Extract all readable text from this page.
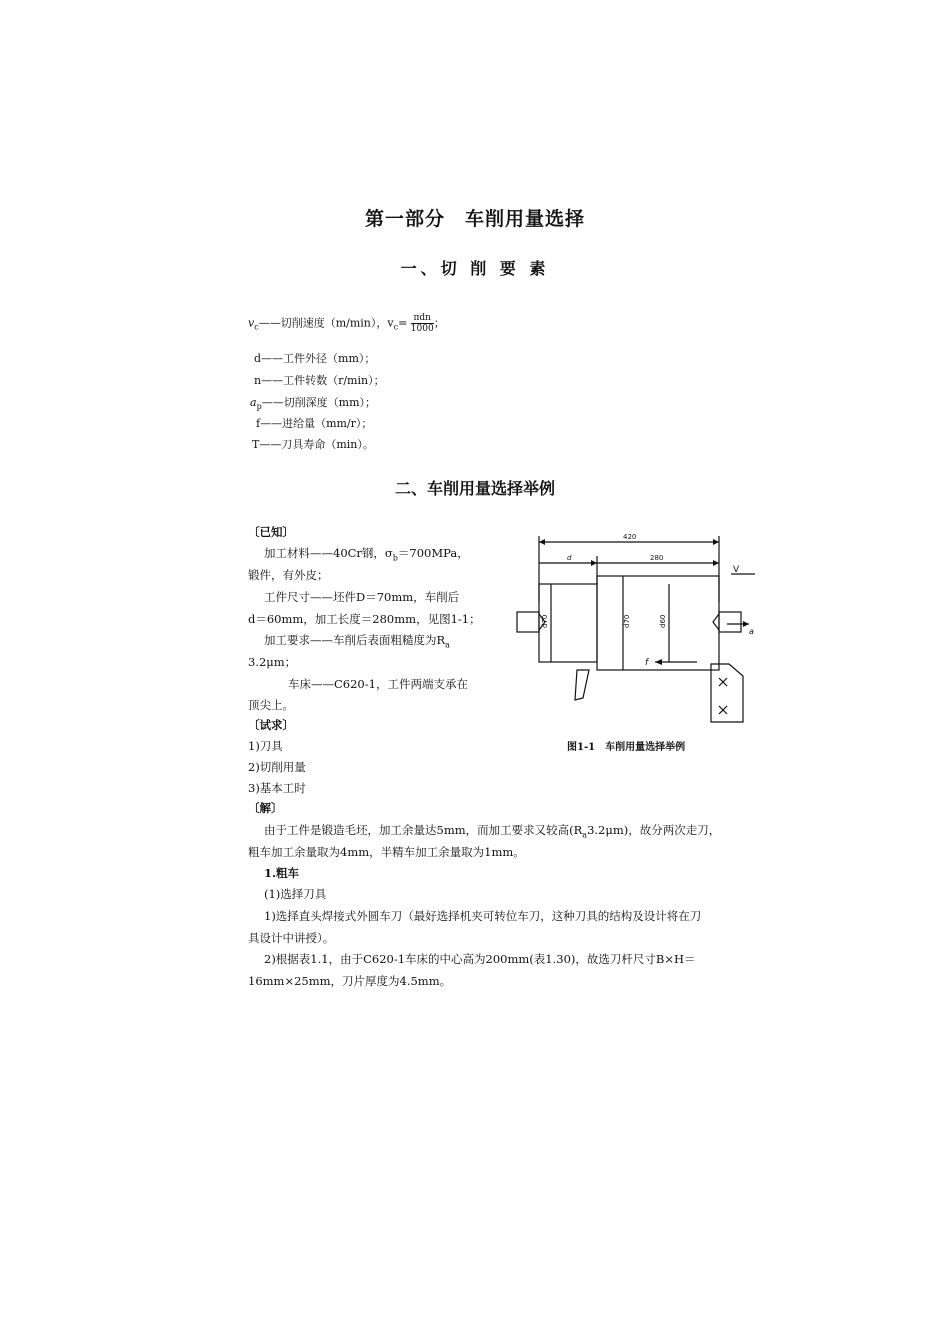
第一部分　车削用量选择
一、切 削 要 素
$v_c——$切削速度（m/min），$v_c= \frac{\text{πdn}}{1000}$ ；
d——工件外径（mm）；
n——工件转数（r/min）；
$a_p——$切削深度（mm）；
f——进给量（mm/r）；
T——刀具寿命（min）。
二、车削用量选择举例
〔已知〕
加工材料——40Cr钢，$\sigma_b=700MPa$，
锻件，有外皮；
工件尺寸——坯件D＝70mm，车削后
d＝60mm，加工长度＝280mm，见图1-1；
加工要求——车削后表面粗糙度为$R_a$
3.2μm；
车床——C620-1，工件两端支承在
顶尖上。
〔试求〕
1)刀具
2)切削用量
3)基本工时
〔解〕
由于工件是锻造毛坯，加工余量达5mm，而加工要求又较高$(R_a3.2\mu m)$，故分两次走刀，
粗车加工余量取为4mm，半精车加工余量取为1mm。
1.粗车
(1)选择刀具
1)选择直头焊接式外圆车刀（最好选择机夹可转位车刀，这种刀具的结构及设计将在刀
具设计中讲授）。
2)根据表1.1，由于C620-1车床的中心高为200mm(表1.30)，故选刀杆尺寸B×H＝
16mm×25mm，刀片厚度为4.5mm。
420
280
d
d70	d70	d60
f
a
V
图1-1　车削用量选择举例
